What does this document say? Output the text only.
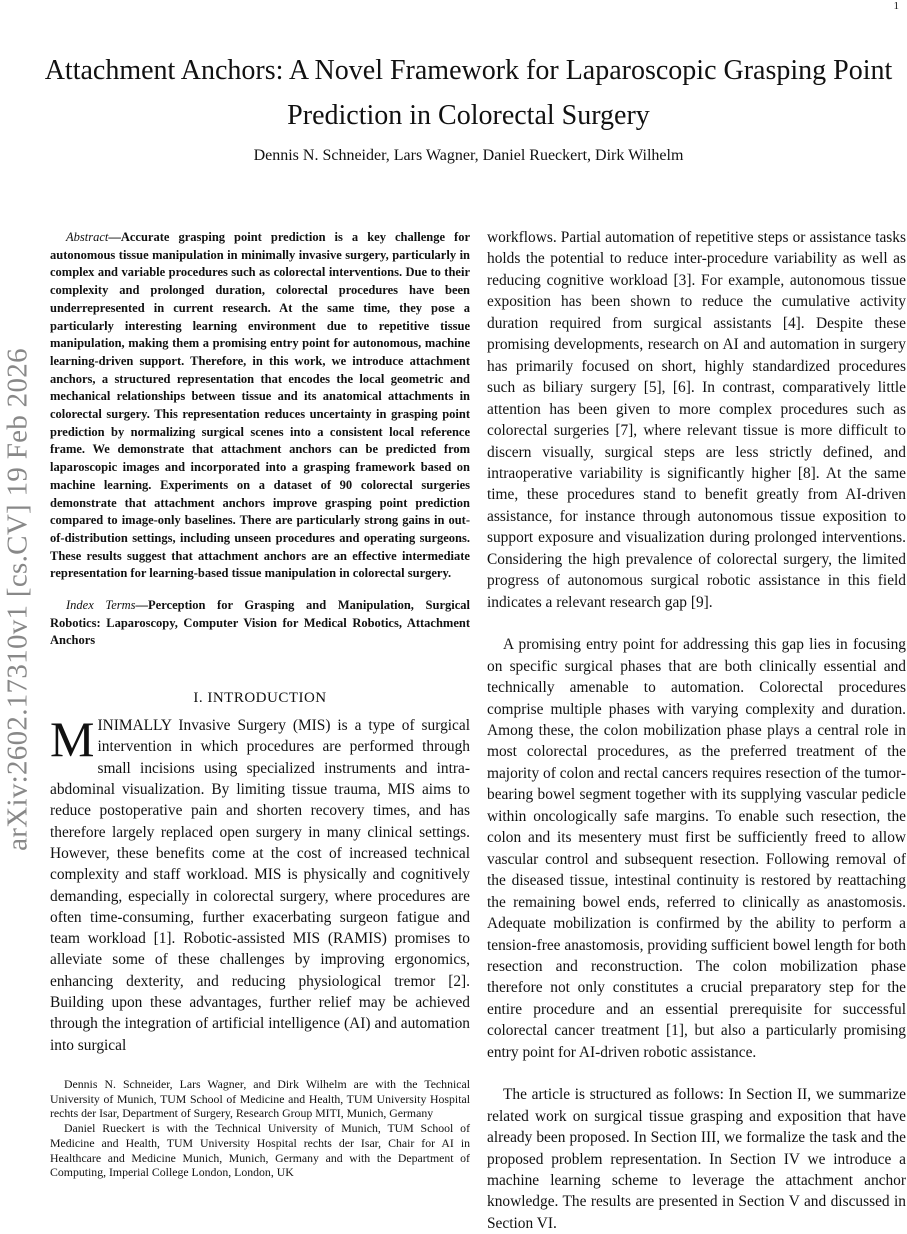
1
arXiv:2602.17310v1 [cs.CV] 19 Feb 2026
Attachment Anchors: A Novel Framework for Laparoscopic Grasping Point Prediction in Colorectal Surgery
Dennis N. Schneider, Lars Wagner, Daniel Rueckert, Dirk Wilhelm

Abstract—Accurate grasping point prediction is a key challenge for autonomous tissue manipulation in minimally invasive surgery, particularly in complex and variable procedures such as colorectal interventions. Due to their complexity and prolonged duration, colorectal procedures have been underrepresented in current research. At the same time, they pose a particularly interesting learning environment due to repetitive tissue manipulation, making them a promising entry point for autonomous, machine learning-driven support. Therefore, in this work, we introduce attachment anchors, a structured representation that encodes the local geometric and mechanical relationships between tissue and its anatomical attachments in colorectal surgery. This representation reduces uncertainty in grasping point prediction by normalizing surgical scenes into a consistent local reference frame. We demonstrate that attachment anchors can be predicted from laparoscopic images and incorporated into a grasping framework based on machine learning. Experiments on a dataset of 90 colorectal surgeries demonstrate that attachment anchors improve grasping point prediction compared to image-only baselines. There are particularly strong gains in out-of-distribution settings, including unseen procedures and operating surgeons. These results suggest that attachment anchors are an effective intermediate representation for learning-based tissue manipulation in colorectal surgery.

Index Terms—Perception for Grasping and Manipulation, Surgical Robotics: Laparoscopy, Computer Vision for Medical Robotics, Attachment Anchors

I. INTRODUCTION

MINIMALLY Invasive Surgery (MIS) is a type of surgical intervention in which procedures are performed through small incisions using specialized instruments and intra-abdominal visualization. By limiting tissue trauma, MIS aims to reduce postoperative pain and shorten recovery times, and has therefore largely replaced open surgery in many clinical settings. However, these benefits come at the cost of increased technical complexity and staff workload. MIS is physically and cognitively demanding, especially in colorectal surgery, where procedures are often time-consuming, further exacerbating surgeon fatigue and team workload [1]. Robotic-assisted MIS (RAMIS) promises to alleviate some of these challenges by improving ergonomics, enhancing dexterity, and reducing physiological tremor [2]. Building upon these advantages, further relief may be achieved through the integration of artificial intelligence (AI) and automation into surgical

workflows. Partial automation of repetitive steps or assistance tasks holds the potential to reduce inter-procedure variability as well as reducing cognitive workload [3]. For example, autonomous tissue exposition has been shown to reduce the cumulative activity duration required from surgical assistants [4]. Despite these promising developments, research on AI and automation in surgery has primarily focused on short, highly standardized procedures such as biliary surgery [5], [6]. In contrast, comparatively little attention has been given to more complex procedures such as colorectal surgeries [7], where relevant tissue is more difficult to discern visually, surgical steps are less strictly defined, and intraoperative variability is significantly higher [8]. At the same time, these procedures stand to benefit greatly from AI-driven assistance, for instance through autonomous tissue exposition to support exposure and visualization during prolonged interventions. Considering the high prevalence of colorectal surgery, the limited progress of autonomous surgical robotic assistance in this field indicates a relevant research gap [9].

A promising entry point for addressing this gap lies in focusing on specific surgical phases that are both clinically essential and technically amenable to automation. Colorectal procedures comprise multiple phases with varying complexity and duration. Among these, the colon mobilization phase plays a central role in most colorectal procedures, as the preferred treatment of the majority of colon and rectal cancers requires resection of the tumor-bearing bowel segment together with its supplying vascular pedicle within oncologically safe margins. To enable such resection, the colon and its mesentery must first be sufficiently freed to allow vascular control and subsequent resection. Following removal of the diseased tissue, intestinal continuity is restored by reattaching the remaining bowel ends, referred to clinically as anastomosis. Adequate mobilization is confirmed by the ability to perform a tension-free anastomosis, providing sufficient bowel length for both resection and reconstruction. The colon mobilization phase therefore not only constitutes a crucial preparatory step for the entire procedure and an essential prerequisite for successful colorectal cancer treatment [1], but also a particularly promising entry point for AI-driven robotic assistance.

The article is structured as follows: In Section II, we summarize related work on surgical tissue grasping and exposition that have already been proposed. In Section III, we formalize the task and the proposed problem representation. In Section IV we introduce a machine learning scheme to leverage the attachment anchor knowledge. The results are presented in Section V and discussed in Section VI.

Dennis N. Schneider, Lars Wagner, and Dirk Wilhelm are with the Technical University of Munich, TUM School of Medicine and Health, TUM University Hospital rechts der Isar, Department of Surgery, Research Group MITI, Munich, Germany

Daniel Rueckert is with the Technical University of Munich, TUM School of Medicine and Health, TUM University Hospital rechts der Isar, Chair for AI in Healthcare and Medicine Munich, Munich, Germany and with the Department of Computing, Imperial College London, London, UK
